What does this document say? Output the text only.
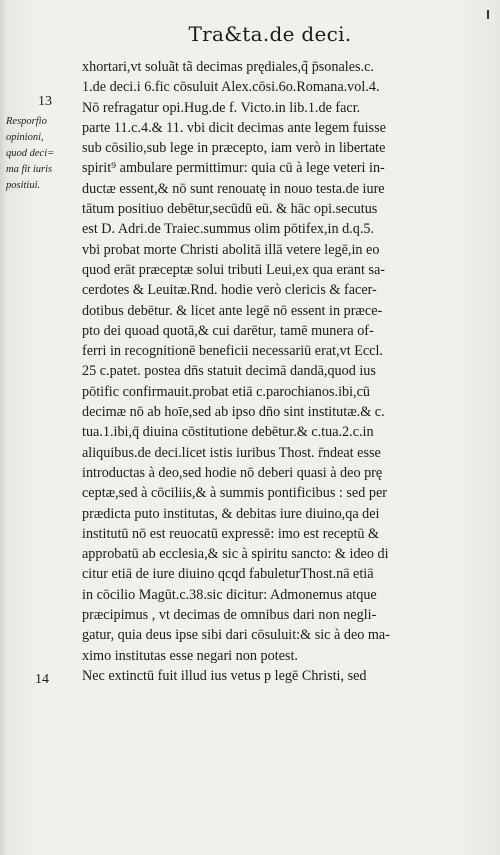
Tra&ta.de deci.
13
14
Resporfio
opinioni,
quod deci=
ma fit iuris
positiui.
xhortari,vt soluãt tã decimas prędiales,q̃ p̄sonales.c.
1.de deci.i 6.fic cōsuluit Alex.cōsi.6o.Romana.vol.4.
Nō refragatur opi.Hug.de f. Victo.in lib.1.de facr.
parte 11.c.4.& 11. vbi dicit decimas ante legem fuisse
sub cōsilio,sub lege in præcepto, iam verò in libertate
spirit⁹ ambulare permittimur: quia cū à lege veteri in-
ductæ essent,& nō sunt renouatę in nouo testa.de iure
tātum positiuo debētur,secūdū eū. & hāc opi.secutus
est D. Adri.de Traiec.summus olim pōtifex,in d.q.5.
vbi probat morte Christi abolitā illā vetere legē,in eo
quod erāt præceptæ solui tributi Leui,ex qua erant sa-
cerdotes & Leuitæ.Rnd. hodie verò clericis & facer-
dotibus debētur. & licet ante legē nō essent in præce-
pto dei quoad quotā,& cui darētur, tamē munera of-
ferri in recognitionē beneficii necessariū erat,vt Eccl.
25 c.patet. postea dn̄s statuit decimā dandā,quod ius
pōtific confirmauit.probat etiā c.parochianos.ibi,cū
decimæ nō ab hoīe,sed ab ipso dn̄o sint institutæ.& c.
tua.1.ibi,q̄ diuina cōstitutione debētur.& c.tua.2.c.in
aliquibus.de deci.licet istis iuribus Thost. r̄ndeat esse
introductas à deo,sed hodie nō deberi quasi à deo prę
ceptæ,sed à cōciliis,& à summis pontificibus : sed per
prædicta puto institutas, & debitas iure diuino,qa dei
institutū nō est reuocatū expressē: imo est receptū &
approbatū ab ecclesia,& sic à spiritu sancto: & ideo di
citur etiā de iure diuino qcqd fabuleturThost.nā etiā
in cōcilio Magūt.c.38.sic dicitur: Admonemus atque
præcipimus , vt decimas de omnibus dari non negli-
gatur, quia deus ipse sibi dari cōsuluit:& sic à deo ma-
ximo institutas esse negari non potest.
Nec extinctū fuit illud ius vetus p legē Christi, sed
